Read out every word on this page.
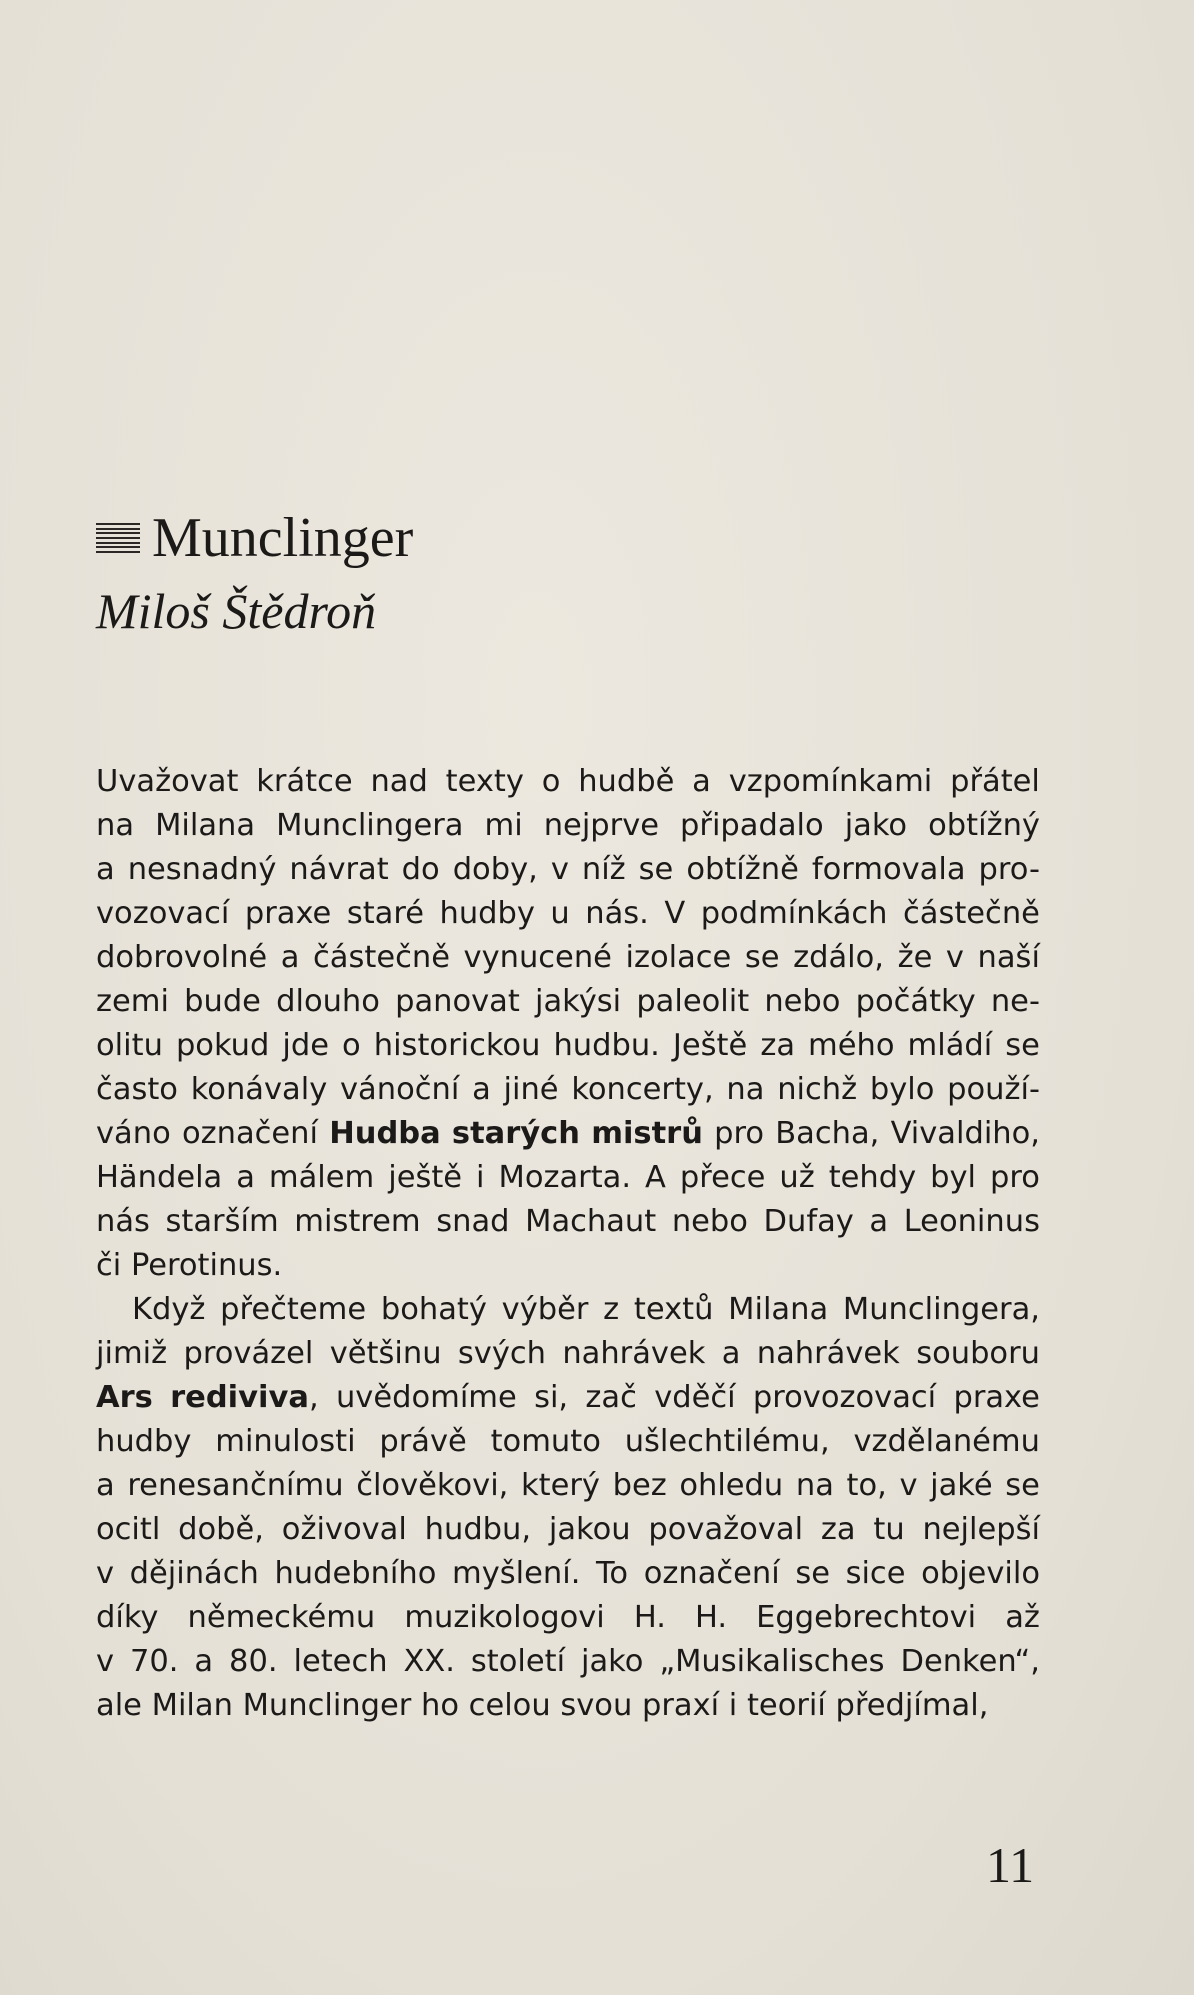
Munclinger
Miloš Štědroň
Uvažovat krátce nad texty o hudbě a vzpomínkami přátel
na Milana Munclingera mi nejprve připadalo jako obtížný
a nesnadný návrat do doby, v níž se obtížně formovala pro-
vozovací praxe staré hudby u nás. V podmínkách částečně
dobrovolné a částečně vynucené izolace se zdálo, že v naší
zemi bude dlouho panovat jakýsi paleolit nebo počátky ne-
olitu pokud jde o historickou hudbu. Ještě za mého mládí se
často konávaly vánoční a jiné koncerty, na nichž bylo použí-
váno označení Hudba starých mistrů pro Bacha, Vivaldiho,
Händela a málem ještě i Mozarta. A přece už tehdy byl pro
nás starším mistrem snad Machaut nebo Dufay a Leoninus
či Perotinus.
Když přečteme bohatý výběr z textů Milana Munclingera,
jimiž provázel většinu svých nahrávek a nahrávek souboru
Ars rediviva, uvědomíme si, zač vděčí provozovací praxe
hudby minulosti právě tomuto ušlechtilému, vzdělanému
a renesančnímu člověkovi, který bez ohledu na to, v jaké se
ocitl době, oživoval hudbu, jakou považoval za tu nejlepší
v dějinách hudebního myšlení. To označení se sice objevilo
díky německému muzikologovi H. H. Eggebrechtovi až
v 70. a 80. letech XX. století jako „Musikalisches Denken“,
ale Milan Munclinger ho celou svou praxí i teorií předjímal,
11
